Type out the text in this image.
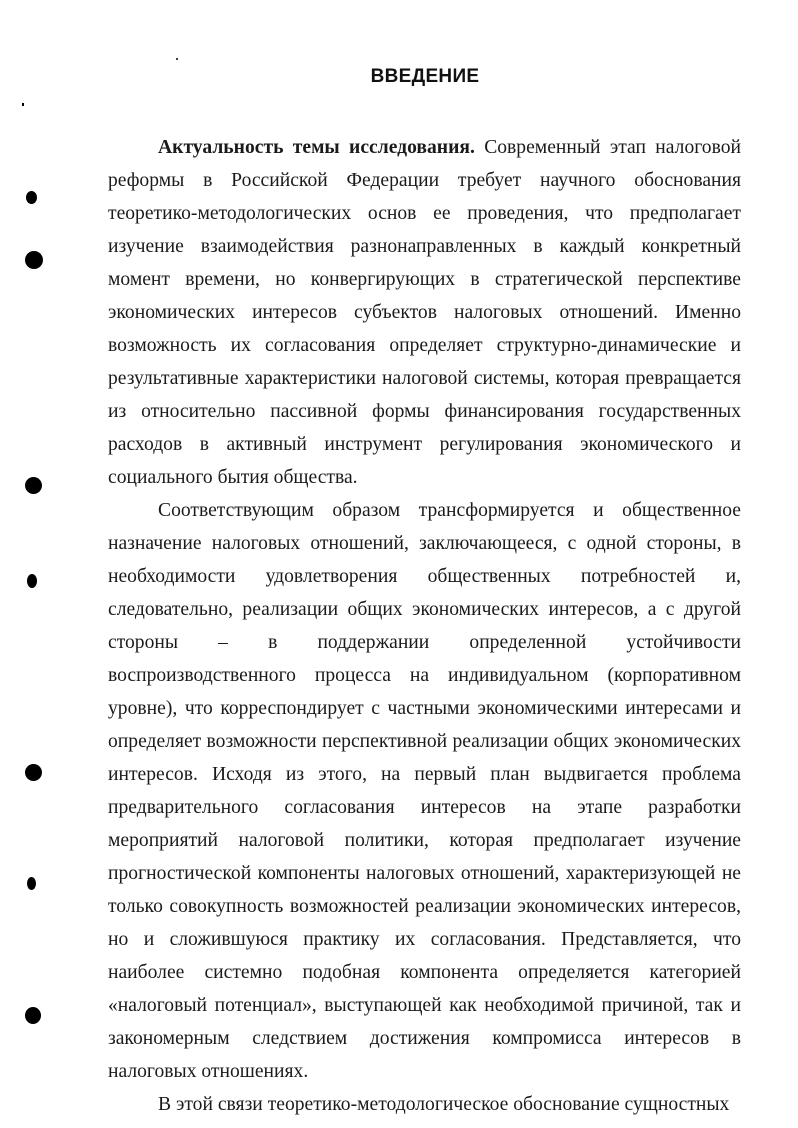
ВВЕДЕНИЕ

Актуальность темы исследования. Современный этап налоговой реформы в Российской Федерации требует научного обоснования теоретико-методологических основ ее проведения, что предполагает изучение взаимодействия разнонаправленных в каждый конкретный момент времени, но конвергирующих в стратегической перспективе экономических интересов субъектов налоговых отношений. Именно возможность их согласования определяет структурно-динамические и результативные характеристики налоговой системы, которая превращается из относительно пассивной формы финансирования государственных расходов в активный инструмент регулирования экономического и социального бытия общества.

Соответствующим образом трансформируется и общественное назначение налоговых отношений, заключающееся, с одной стороны, в необходимости удовлетворения общественных потребностей и, следовательно, реализации общих экономических интересов, а с другой стороны – в поддержании определенной устойчивости воспроизводственного процесса на индивидуальном (корпоративном уровне), что корреспондирует с частными экономическими интересами и определяет возможности перспективной реализации общих экономических интересов. Исходя из этого, на первый план выдвигается проблема предварительного согласования интересов на этапе разработки мероприятий налоговой политики, которая предполагает изучение прогностической компоненты налоговых отношений, характеризующей не только совокупность возможностей реализации экономических интересов, но и сложившуюся практику их согласования. Представляется, что наиболее системно подобная компонента определяется категорией «налоговый потенциал», выступающей как необходимой причиной, так и закономерным следствием достижения компромисса интересов в налоговых отношениях.

В этой связи теоретико-методологическое обоснование сущностных
